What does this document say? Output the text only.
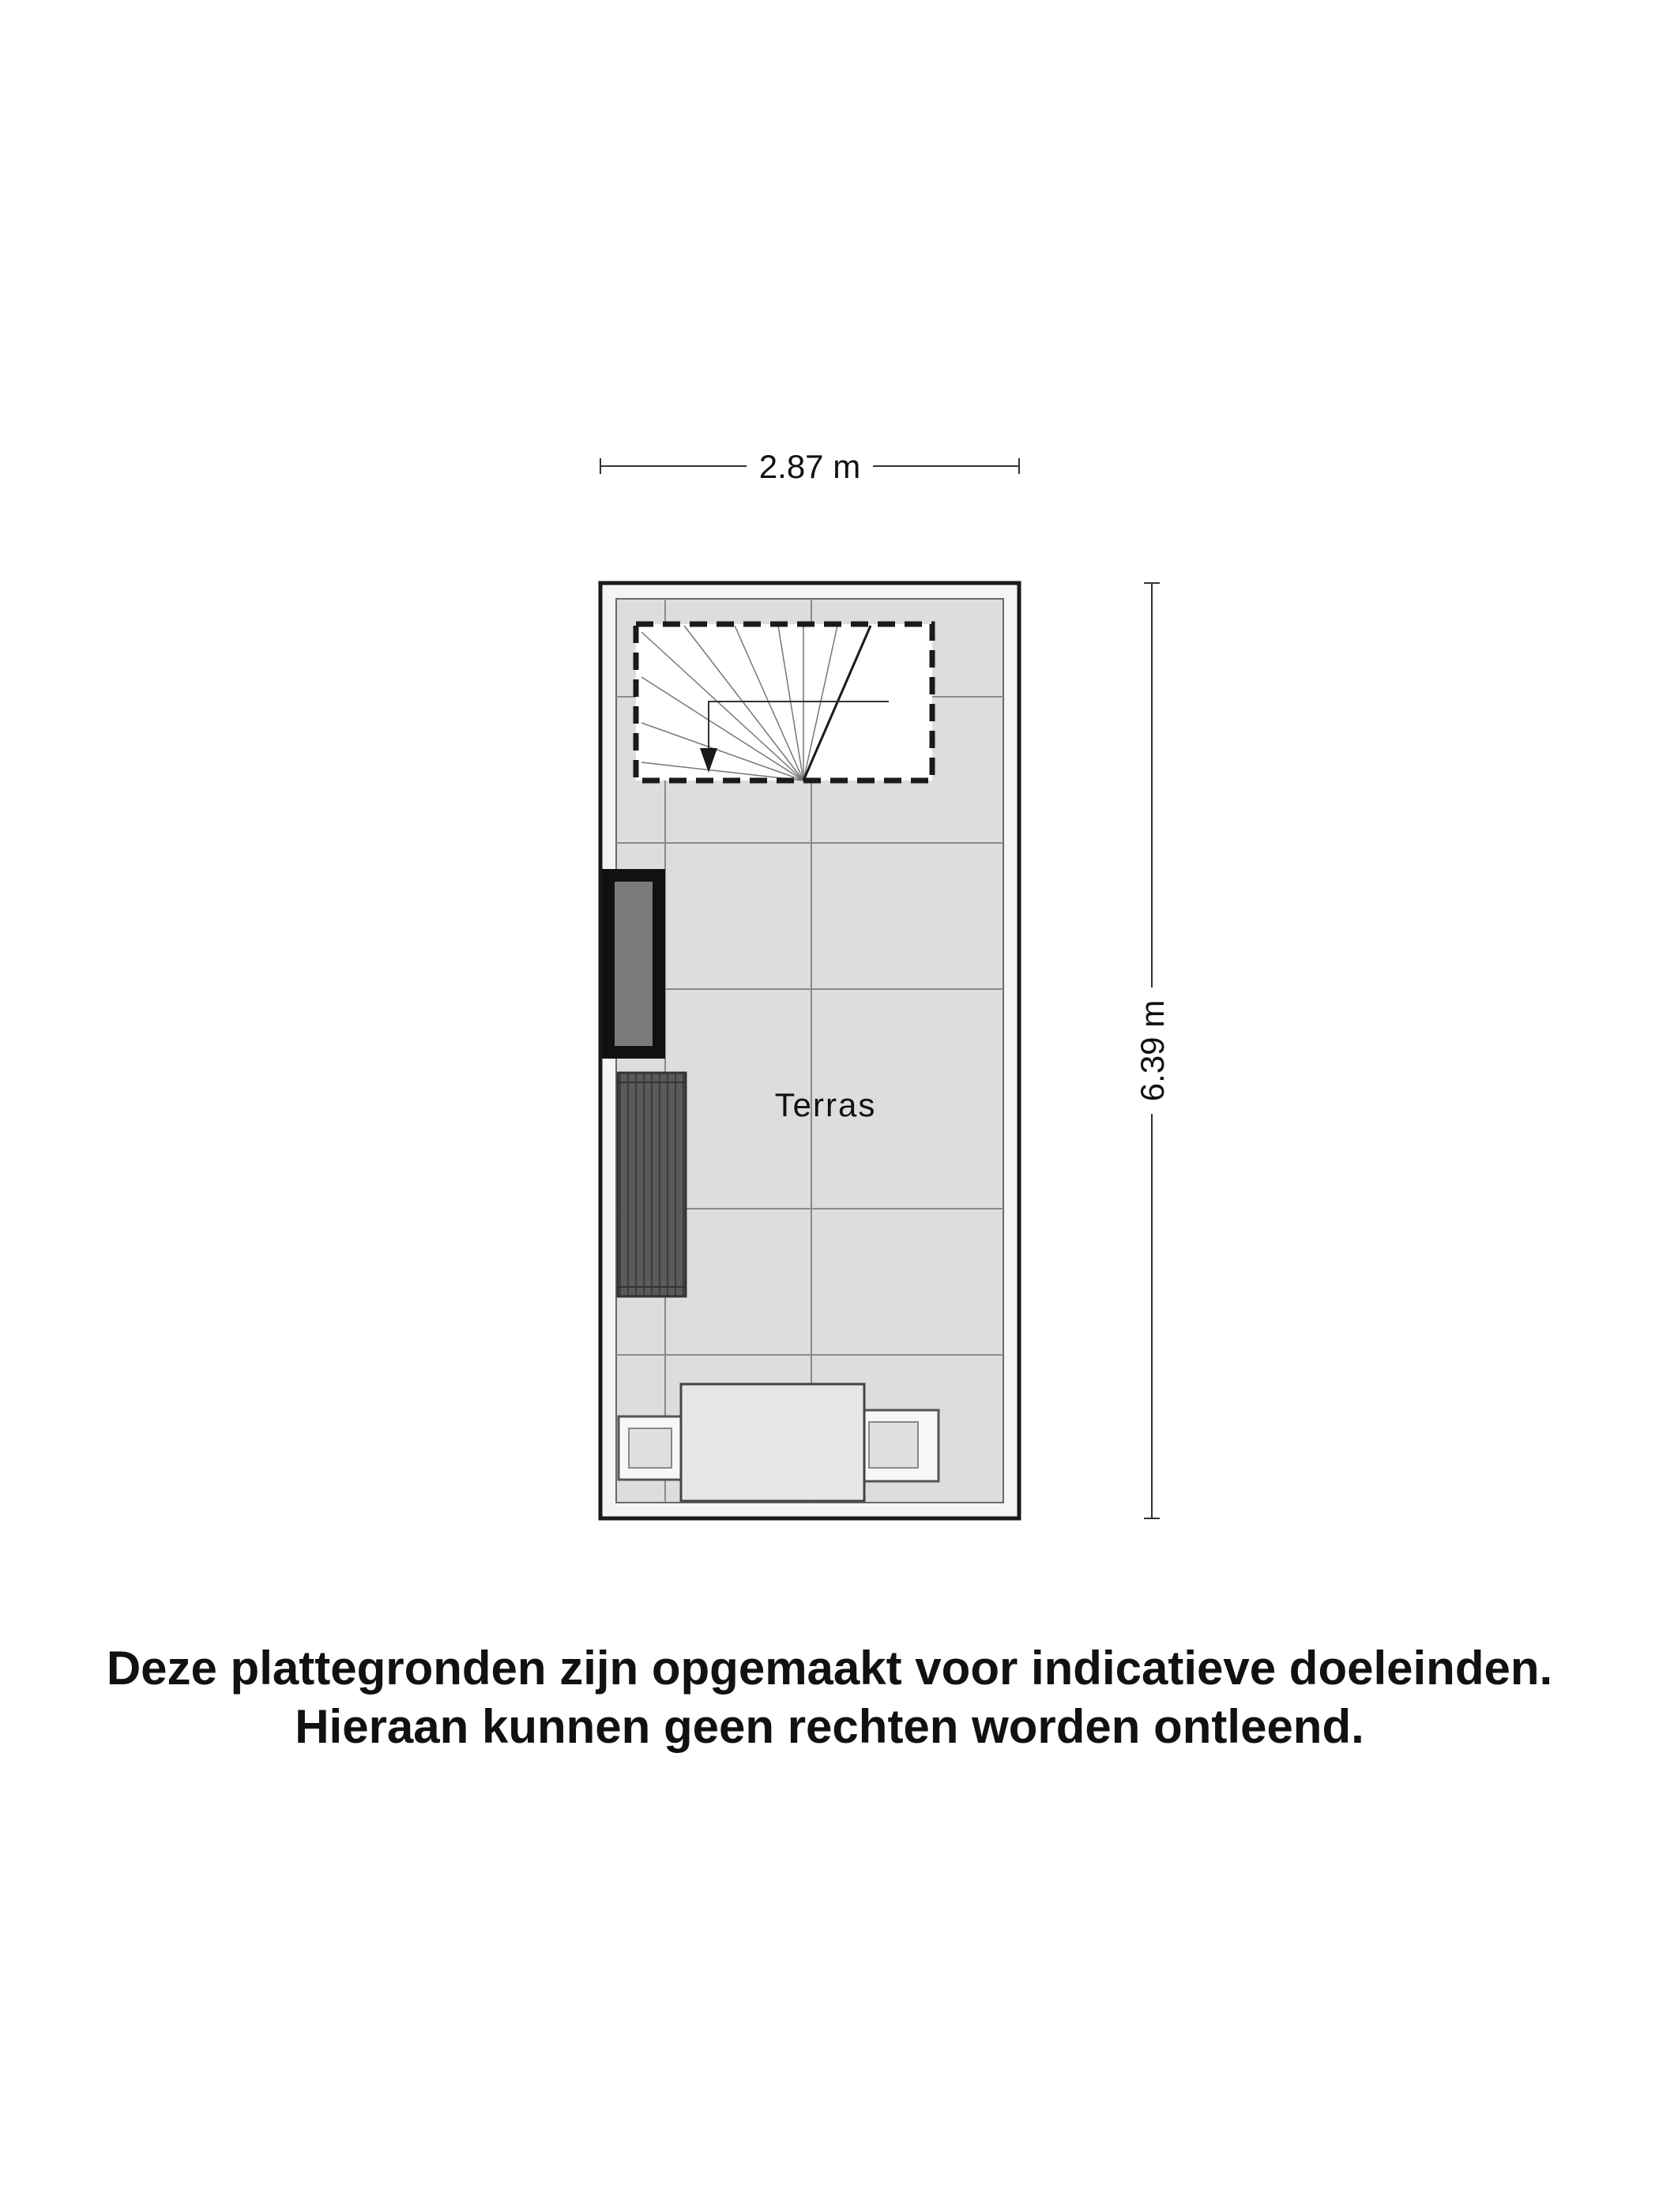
2.87 m
6.39 m
Terras
Deze plattegronden zijn opgemaakt voor indicatieve doeleinden.
Hieraan kunnen geen rechten worden ontleend.
